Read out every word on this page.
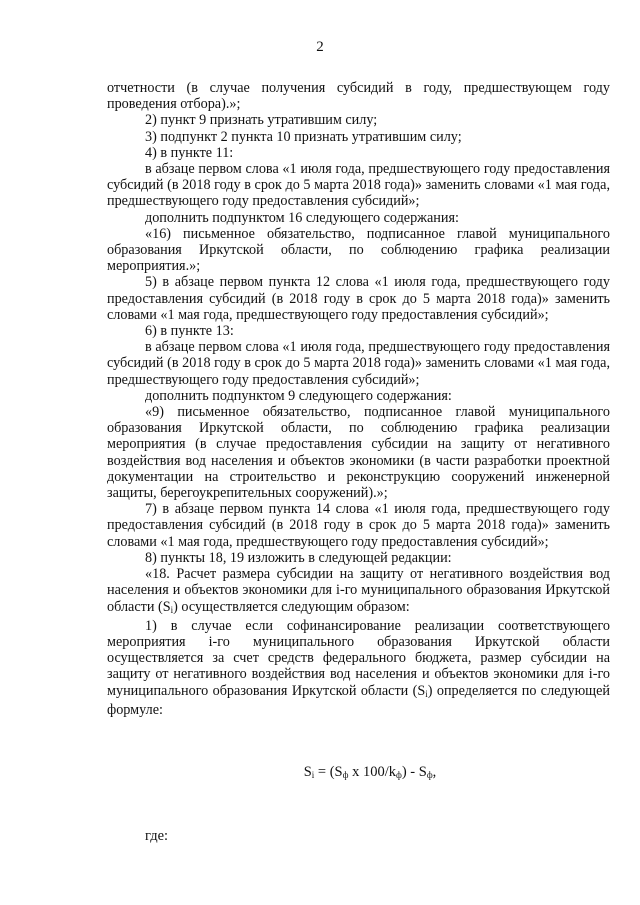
2

отчетности (в случае получения субсидий в году, предшествующем году проведения отбора).»;

2) пункт 9 признать утратившим силу;

3) подпункт 2 пункта 10 признать утратившим силу;

4) в пункте 11:

в абзаце первом слова «1 июля года, предшествующего году предоставления субсидий (в 2018 году в срок до 5 марта 2018 года)» заменить словами «1 мая года, предшествующего году предоставления субсидий»;

дополнить подпунктом 16 следующего содержания:

«16) письменное обязательство, подписанное главой муниципального образования Иркутской области, по соблюдению графика реализации мероприятия.»;

5) в абзаце первом пункта 12 слова «1 июля года, предшествующего году предоставления субсидий (в 2018 году в срок до 5 марта 2018 года)» заменить словами «1 мая года, предшествующего году предоставления субсидий»;

6) в пункте 13:

в абзаце первом слова «1 июля года, предшествующего году предоставления субсидий (в 2018 году в срок до 5 марта 2018 года)» заменить словами «1 мая года, предшествующего году предоставления субсидий»;

дополнить подпунктом 9 следующего содержания:

«9) письменное обязательство, подписанное главой муниципального образования Иркутской области, по соблюдению графика реализации мероприятия (в случае предоставления субсидии на защиту от негативного воздействия вод населения и объектов экономики (в части разработки проектной документации на строительство и реконструкцию сооружений инженерной защиты, берегоукрепительных сооружений).»;

7) в абзаце первом пункта 14 слова «1 июля года, предшествующего году предоставления субсидий (в 2018 году в срок до 5 марта 2018 года)» заменить словами «1 мая года, предшествующего году предоставления субсидий»;

8) пункты 18, 19 изложить в следующей редакции:

«18. Расчет размера субсидии на защиту от негативного воздействия вод населения и объектов экономики для i-го муниципального образования Иркутской области $(S_i)$ осуществляется следующим образом:

1) в случае если софинансирование реализации соответствующего мероприятия i-го муниципального образования Иркутской области осуществляется за счет средств федерального бюджета, размер субсидии на защиту от негативного воздействия вод населения и объектов экономики для i-го муниципального образования Иркутской области $(S_i)$ определяется по следующей формуле:

$S_i = (S_ф$ x $100/k_ф) - S_ф$,
где:
